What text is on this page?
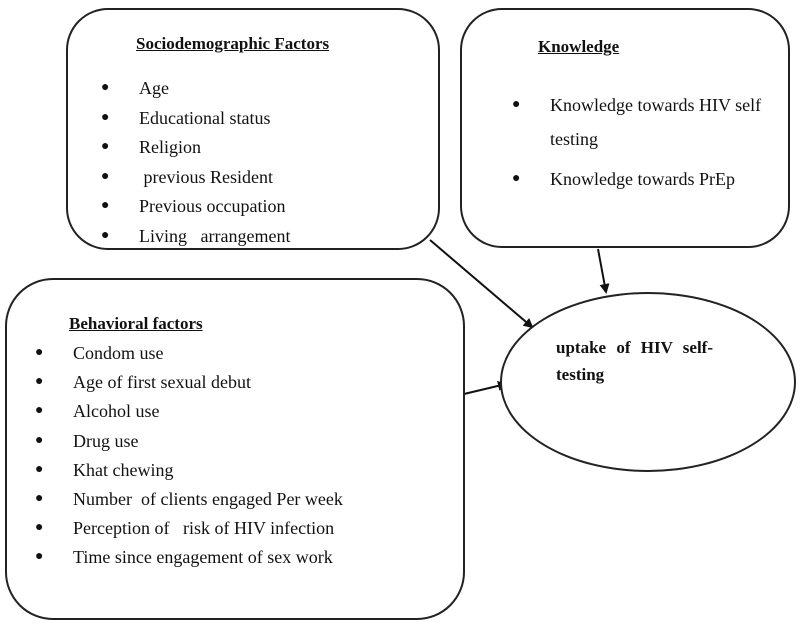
Sociodemographic Factors
● Age
● Educational status
● Religion
● previous Resident
● Previous occupation
● Living   arrangement
Knowledge
● Knowledge towards HIV self testing
● Knowledge towards PrEp
Behavioral factors
● Condom use
● Age of first sexual debut
● Alcohol use
● Drug use
● Khat chewing
● Number  of clients engaged Per week
● Perception of   risk of HIV infection
● Time since engagement of sex work
uptake of HIV self-testing
